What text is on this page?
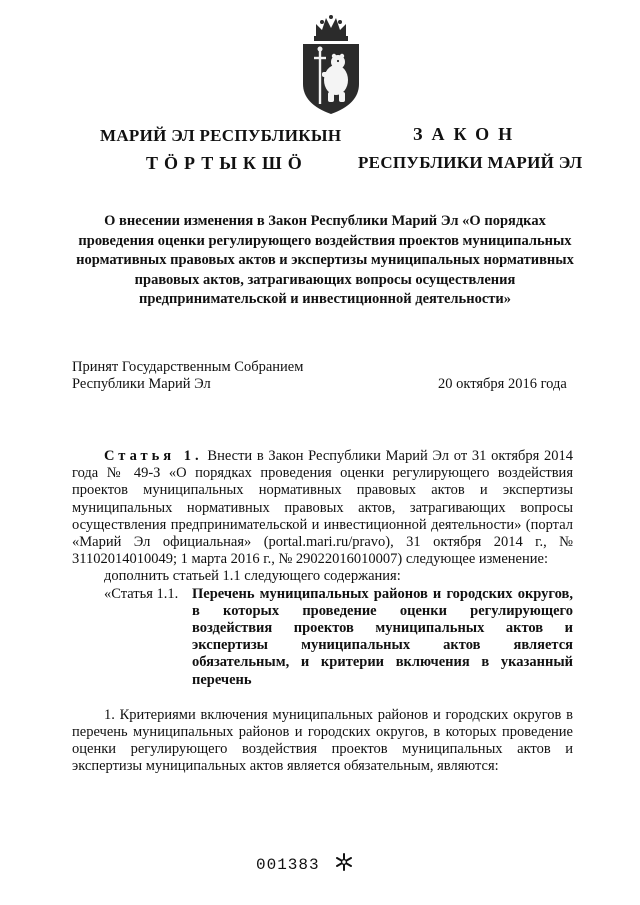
МАРИЙ ЭЛ РЕСПУБЛИКЫН
ТӦРТЫКШӦ
ЗАКОН
РЕСПУБЛИКИ МАРИЙ ЭЛ
О внесении изменения в Закон Республики Марий Эл «О порядках проведения оценки регулирующего воздействия проектов муниципальных нормативных правовых актов и экспертизы муниципальных нормативных правовых актов, затрагивающих вопросы осуществления предпринимательской и инвестиционной деятельности»
Принят Государственным Собранием
Республики Марий Эл	20 октября 2016 года

Статья 1. Внести в Закон Республики Марий Эл от 31 октября 2014 года № 49-З «О порядках проведения оценки регулирующего воздействия проектов муниципальных нормативных правовых актов и экспертизы муниципальных нормативных правовых актов, затрагивающих вопросы осуществления предпринимательской и инвестиционной деятельности» (портал «Марий Эл официальная» (portal.mari.ru/pravo), 31 октября 2014 г., № 31102014010049; 1 марта 2016 г., № 29022016010007) следующее изменение:

дополнить статьей 1.1 следующего содержания:

«Статья 1.1. Перечень муниципальных районов и городских округов, в которых проведение оценки регулирующего воздействия проектов муниципальных актов и экспертизы муниципальных актов является обязательным, и критерии включения в указанный перечень

1. Критериями включения муниципальных районов и городских округов в перечень муниципальных районов и городских округов, в которых проведение оценки регулирующего воздействия проектов муниципальных актов и экспертизы муниципальных актов является обязательным, являются:

001383
